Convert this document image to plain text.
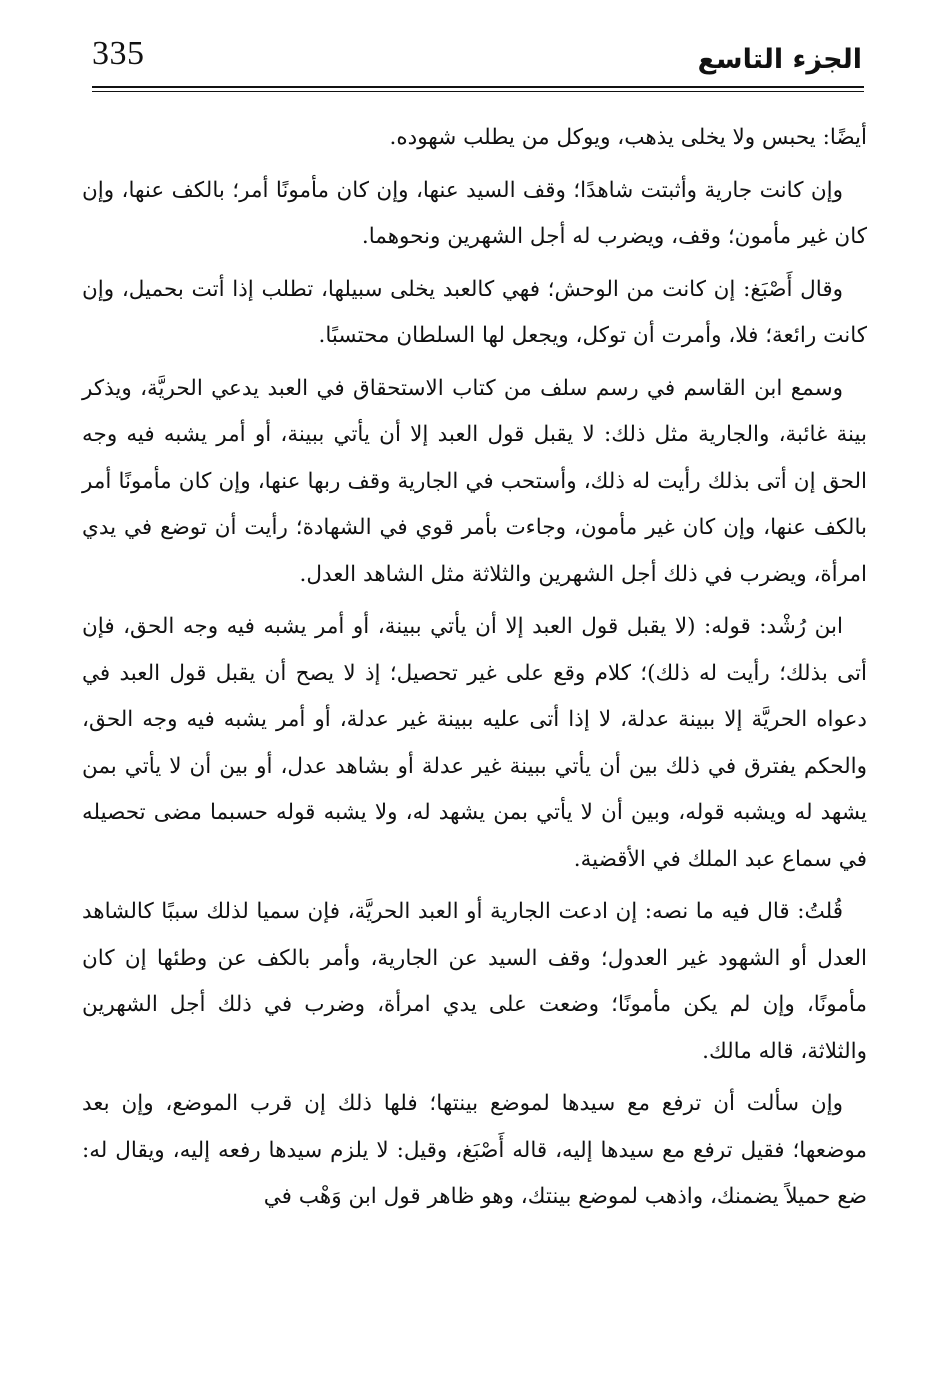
335	الجزء التاسع

أيضًا: يحبس ولا يخلى يذهب، ويوكل من يطلب شهوده.

وإن كانت جارية وأثبتت شاهدًا؛ وقف السيد عنها، وإن كان مأمونًا أمر؛ بالكف عنها، وإن كان غير مأمون؛ وقف، ويضرب له أجل الشهرين ونحوهما.

وقال أَصْبَغ: إن كانت من الوحش؛ فهي كالعبد يخلى سبيلها، تطلب إذا أتت بحميل، وإن كانت رائعة؛ فلا، وأمرت أن توكل، ويجعل لها السلطان محتسبًا.

وسمع ابن القاسم في رسم سلف من كتاب الاستحقاق في العبد يدعي الحريَّة، ويذكر بينة غائبة، والجارية مثل ذلك: لا يقبل قول العبد إلا أن يأتي ببينة، أو أمر يشبه فيه وجه الحق إن أتى بذلك رأيت له ذلك، وأستحب في الجارية وقف ربها عنها، وإن كان مأمونًا أمر بالكف عنها، وإن كان غير مأمون، وجاءت بأمر قوي في الشهادة؛ رأيت أن توضع في يدي امرأة، ويضرب في ذلك أجل الشهرين والثلاثة مثل الشاهد العدل.

ابن رُشْد: قوله: (لا يقبل قول العبد إلا أن يأتي ببينة، أو أمر يشبه فيه وجه الحق، فإن أتى بذلك؛ رأيت له ذلك)؛ كلام وقع على غير تحصيل؛ إذ لا يصح أن يقبل قول العبد في دعواه الحريَّة إلا ببينة عدلة، لا إذا أتى عليه ببينة غير عدلة، أو أمر يشبه فيه وجه الحق، والحكم يفترق في ذلك بين أن يأتي ببينة غير عدلة أو بشاهد عدل، أو بين أن لا يأتي بمن يشهد له ويشبه قوله، وبين أن لا يأتي بمن يشهد له، ولا يشبه قوله حسبما مضى تحصيله في سماع عبد الملك في الأقضية.

قُلتُ: قال فيه ما نصه: إن ادعت الجارية أو العبد الحريَّة، فإن سميا لذلك سببًا كالشاهد العدل أو الشهود غير العدول؛ وقف السيد عن الجارية، وأمر بالكف عن وطئها إن كان مأمونًا، وإن لم يكن مأمونًا؛ وضعت على يدي امرأة، وضرب في ذلك أجل الشهرين والثلاثة، قاله مالك.

وإن سألت أن ترفع مع سيدها لموضع بينتها؛ فلها ذلك إن قرب الموضع، وإن بعد موضعها؛ فقيل ترفع مع سيدها إليه، قاله أَصْبَغ، وقيل: لا يلزم سيدها رفعه إليه، ويقال له: ضع حميلاً يضمنك، واذهب لموضع بينتك، وهو ظاهر قول ابن وَهْب في
